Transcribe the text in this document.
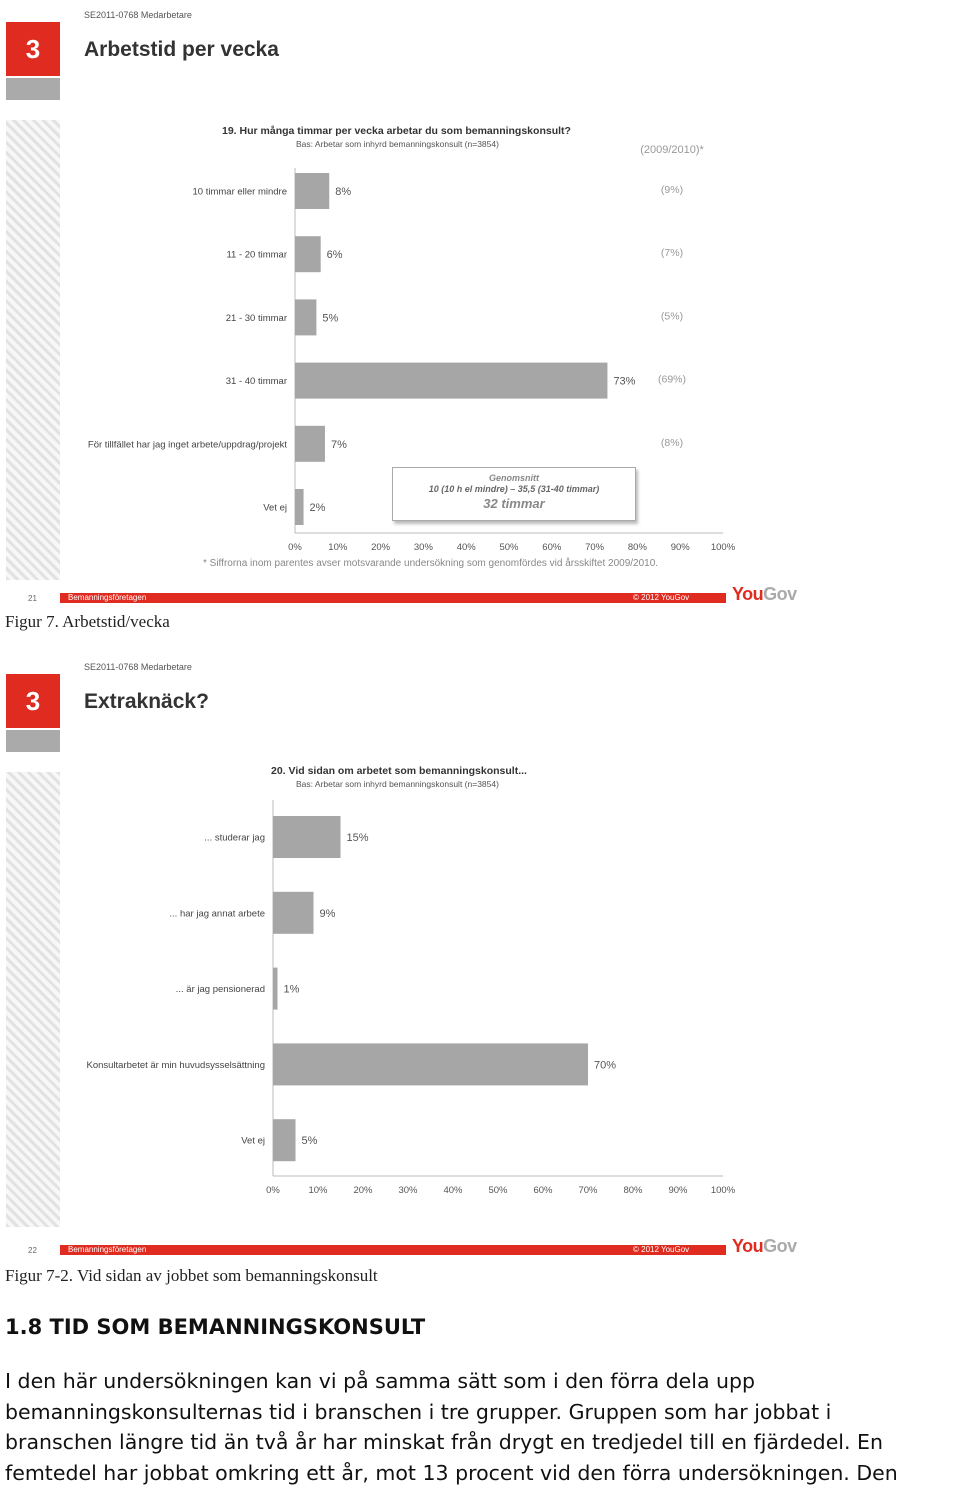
SE2011-0768 Medarbetare
3	Arbetstid per vecka
19. Hur många timmar per vecka arbetar du som bemanningskonsult?
Bas: Arbetar som inhyrd bemanningskonsult (n=3854)
0%	10%	20%	30%	40%	50%	60%	70%	80%	90% 100%
10 timmar eller mindre	8%	(9%)
11 - 20 timmar	6%	(7%)
21 - 30 timmar	5%	(5%)
31 - 40 timmar	73% (69%)
För tillfället har jag inget arbete/uppdrag/projekt	7%	(8%)
Vet ej 2%
(2009/2010)*
* Siffrorna inom parentes avser motsvarande undersökning som genomfördes vid årsskiftet 2009/2010.
Genomsnitt
10 (10 h el mindre) – 35,5 (31-40 timmar)
32 timmar
21	Bemanningsföretagen	© 2012 YouGov YouGov
Figur 7. Arbetstid/vecka
SE2011-0768 Medarbetare
3	Extraknäck?
20. Vid sidan om arbetet som bemanningskonsult...
Bas: Arbetar som inhyrd bemanningskonsult (n=3854)
0%	10%	20%	30%	40%	50%	60%	70%	80%	90% 100%
... studerar jag	15%
... har jag annat arbete	9%
... är jag pensionerad 1%
Konsultarbetet är min huvudsysselsättning	70%
Vet ej	5%
22	Bemanningsföretagen	© 2012 YouGov YouGov
Figur 7-2. Vid sidan av jobbet som bemanningskonsult
1.8 TID SOM BEMANNINGSKONSULT
I den här undersökningen kan vi på samma sätt som i den förra dela upp
bemanningskonsulternas tid i branschen i tre grupper. Gruppen som har jobbat i
branschen längre tid än två år har minskat från drygt en tredjedel till en fjärdedel. En
femtedel har jobbat omkring ett år, mot 13 procent vid den förra undersökningen. Den
